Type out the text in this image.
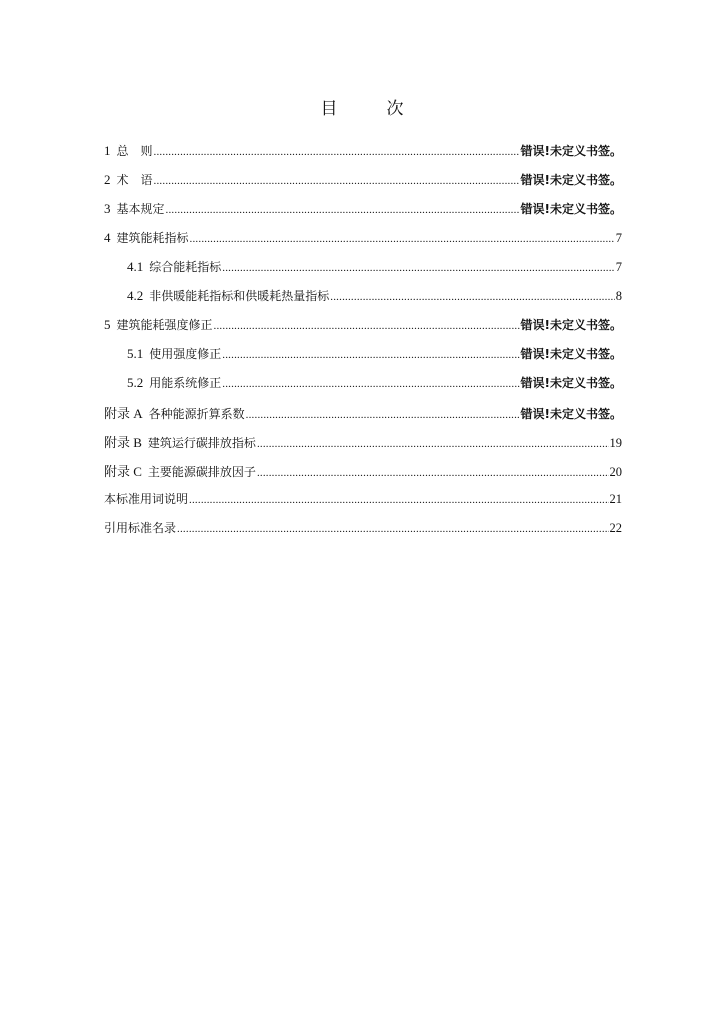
目　次
1 总　则 .....	错误!未定义书签。
2 术　语 .....	错误!未定义书签。
3 基本规定 .....	错误!未定义书签。
4 建筑能耗指标 .....	7
4.1 综合能耗指标 .....	7
4.2 非供暖能耗指标和供暖耗热量指标 .....	8
5 建筑能耗强度修正 .....	错误!未定义书签。
5.1 使用强度修正 .....	错误!未定义书签。
5.2 用能系统修正 .....	错误!未定义书签。
附录 A 各种能源折算系数 .....	错误!未定义书签。
附录 B 建筑运行碳排放指标 .....	19
附录 C 主要能源碳排放因子 .....	20
本标准用词说明 .....	21
引用标准名录 .....	22
